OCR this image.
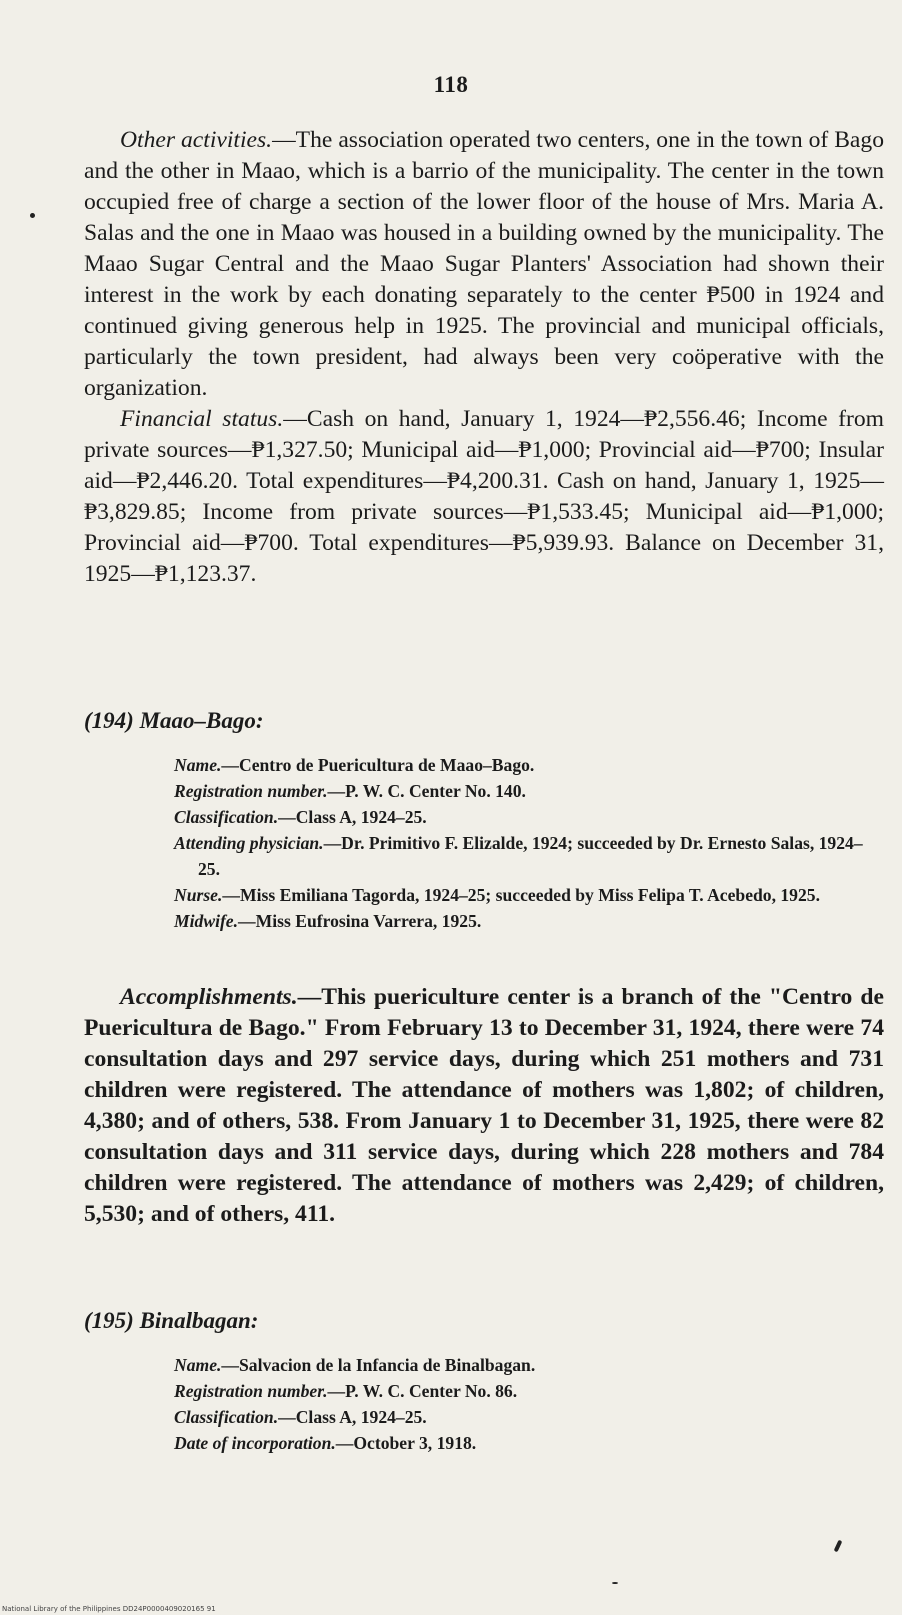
118

Other activities.—The association operated two centers, one in the town of Bago and the other in Maao, which is a barrio of the municipality. The center in the town occupied free of charge a section of the lower floor of the house of Mrs. Maria A. Salas and the one in Maao was housed in a building owned by the municipality. The Maao Sugar Central and the Maao Sugar Planters' Association had shown their interest in the work by each donating separately to the center ₱500 in 1924 and continued giving generous help in 1925. The provincial and municipal officials, particularly the town president, had always been very coöperative with the organization.

Financial status.—Cash on hand, January 1, 1924—₱2,556.46; Income from private sources—₱1,327.50; Municipal aid—₱1,000; Provincial aid—₱700; Insular aid—₱2,446.20. Total expenditures—₱4,200.31. Cash on hand, January 1, 1925—₱3,829.85; Income from private sources—₱1,533.45; Municipal aid—₱1,000; Provincial aid—₱700. Total expenditures—₱5,939.93. Balance on December 31, 1925—₱1,123.37.

(194) Maao–Bago:

Name.—Centro de Puericultura de Maao–Bago.

Registration number.—P. W. C. Center No. 140.

Classification.—Class A, 1924–25.

Attending physician.—Dr. Primitivo F. Elizalde, 1924; succeeded by Dr. Ernesto Salas, 1924–25.

Nurse.—Miss Emiliana Tagorda, 1924–25; succeeded by Miss Felipa T. Acebedo, 1925.

Midwife.—Miss Eufrosina Varrera, 1925.

Accomplishments.—This puericulture center is a branch of the "Centro de Puericultura de Bago." From February 13 to December 31, 1924, there were 74 consultation days and 297 service days, during which 251 mothers and 731 children were registered. The attendance of mothers was 1,802; of children, 4,380; and of others, 538. From January 1 to December 31, 1925, there were 82 consultation days and 311 service days, during which 228 mothers and 784 children were registered. The attendance of mothers was 2,429; of children, 5,530; and of others, 411.

(195) Binalbagan:

Name.—Salvacion de la Infancia de Binalbagan.

Registration number.—P. W. C. Center No. 86.

Classification.—Class A, 1924–25.

Date of incorporation.—October 3, 1918.

National Library of the Philippines DD24P0000409020165 91
